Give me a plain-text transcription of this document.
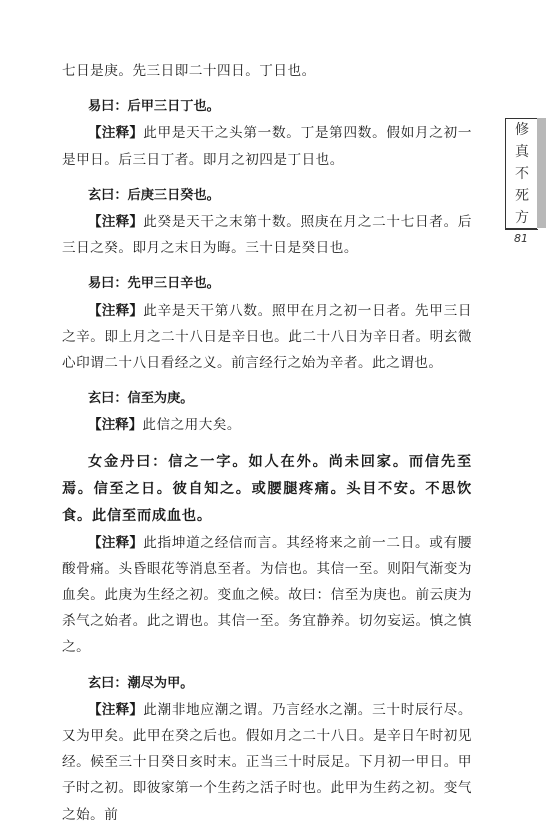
七日是庚。先三日即二十四日。丁日也。

易曰：后甲三日丁也。

【注释】此甲是天干之头第一数。丁是第四数。假如月之初一是甲日。后三日丁者。即月之初四是丁日也。

玄曰：后庚三日癸也。

【注释】此癸是天干之末第十数。照庚在月之二十七日者。后三日之癸。即月之末日为晦。三十日是癸日也。

易曰：先甲三日辛也。

【注释】此辛是天干第八数。照甲在月之初一日者。先甲三日之辛。即上月之二十八日是辛日也。此二十八日为辛日者。明玄微心印谓二十八日看经之义。前言经行之始为辛者。此之谓也。

玄曰：信至为庚。

【注释】此信之用大矣。

女金丹曰：信之一字。如人在外。尚未回家。而信先至焉。信至之日。彼自知之。或腰腿疼痛。头目不安。不思饮食。此信至而成血也。

【注释】此指坤道之经信而言。其经将来之前一二日。或有腰酸骨痛。头昏眼花等消息至者。为信也。其信一至。则阳气渐变为血矣。此庚为生经之初。变血之候。故曰：信至为庚也。前云庚为杀气之始者。此之谓也。其信一至。务宜静养。切勿妄运。慎之慎之。

玄曰：潮尽为甲。

【注释】此潮非地应潮之谓。乃言经水之潮。三十时辰行尽。又为甲矣。此甲在癸之后也。假如月之二十八日。是辛日午时初见经。候至三十日癸日亥时末。正当三十时辰足。下月初一甲日。甲子时之初。即彼家第一个生药之活子时也。此甲为生药之初。变气之始。前

修
真
不
死
方
81
